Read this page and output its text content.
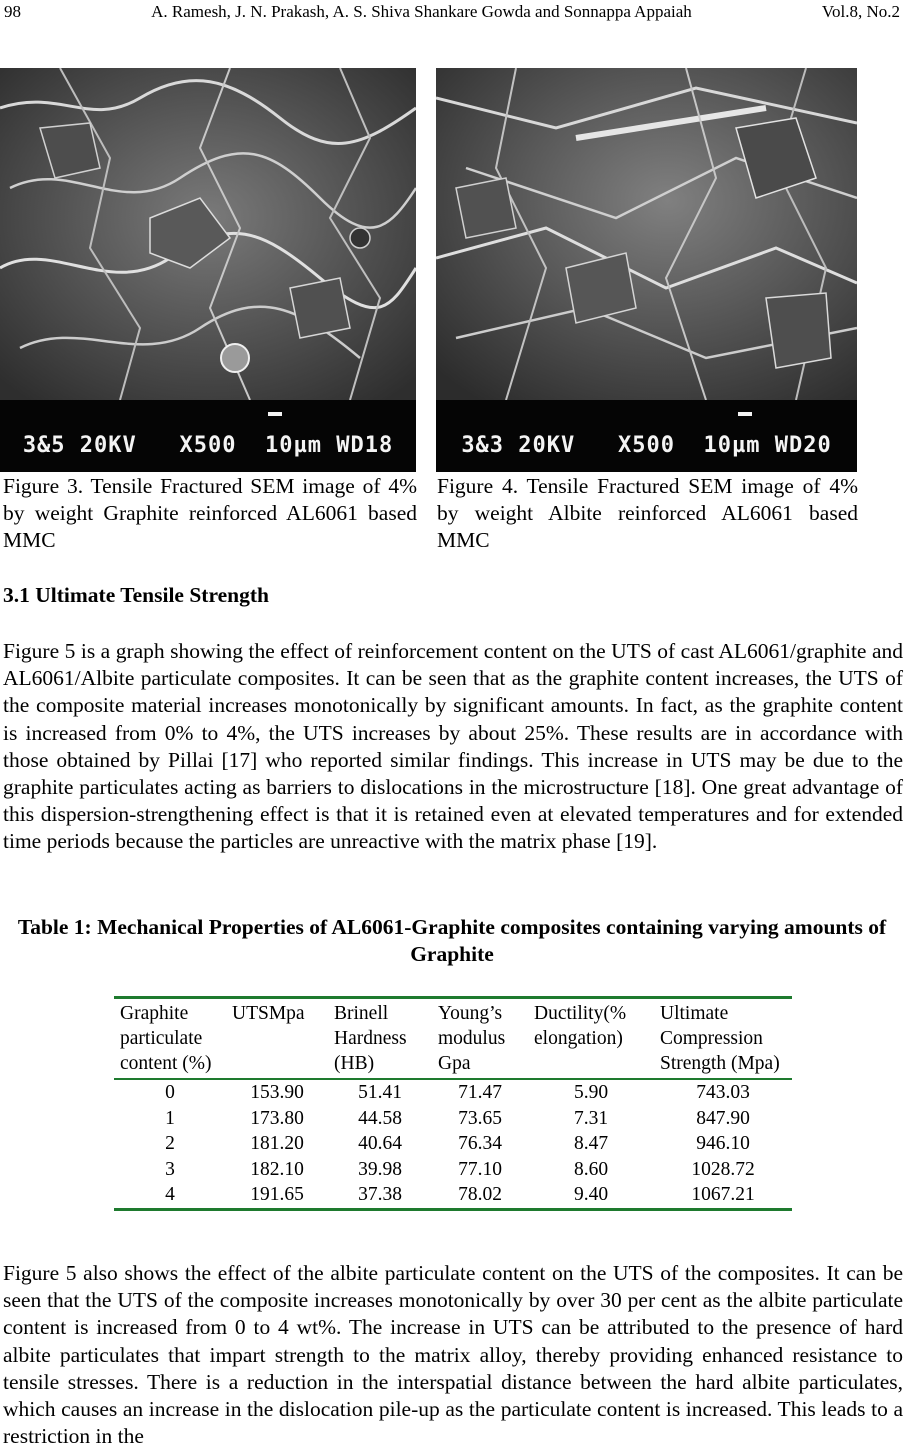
98	A. Ramesh, J. N. Prakash, A. S. Shiva Shankare Gowda and Sonnappa Appaiah	Vol.8, No.2
3&5 20KV   X500  10µm WD18	3&3 20KV   X500  10µm WD20
Figure 3. Tensile Fractured SEM image of 4% by weight Graphite reinforced AL6061 based MMC
Figure 4. Tensile Fractured SEM image of 4% by weight Albite reinforced AL6061 based MMC
3.1 Ultimate Tensile Strength

Figure 5 is a graph showing the effect of reinforcement content on the UTS of cast AL6061/graphite and AL6061/Albite particulate composites. It can be seen that as the graphite content increases, the UTS of the composite material increases monotonically by significant amounts. In fact, as the graphite content is increased from 0% to 4%, the UTS increases by about 25%. These results are in accordance with those obtained by Pillai [17] who reported similar findings. This increase in UTS may be due to the graphite particulates acting as barriers to dislocations in the microstructure [18]. One great advantage of this dispersion-strengthening effect is that it is retained even at elevated temperatures and for extended time periods because the particles are unreactive with the matrix phase [19].

Table 1: Mechanical Properties of AL6061-Graphite composites containing varying amounts of Graphite

Graphite particulate content (%)	UTSMpa	Brinell Hardness (HB)	Young’s modulus Gpa	Ductility(% elongation)	Ultimate Compression Strength (Mpa)
0	153.90	51.41	71.47	5.90	743.03
1	173.80	44.58	73.65	7.31	847.90
2	181.20	40.64	76.34	8.47	946.10
3	182.10	39.98	77.10	8.60	1028.72
4	191.65	37.38	78.02	9.40	1067.21

Figure 5 also shows the effect of the albite particulate content on the UTS of the composites. It can be seen that the UTS of the composite increases monotonically by over 30 per cent as the albite particulate content is increased from 0 to 4 wt%. The increase in UTS can be attributed to the presence of hard albite particulates that impart strength to the matrix alloy, thereby providing enhanced resistance to tensile stresses. There is a reduction in the interspatial distance between the hard albite particulates, which causes an increase in the dislocation pile-up as the particulate content is increased. This leads to a restriction in the
